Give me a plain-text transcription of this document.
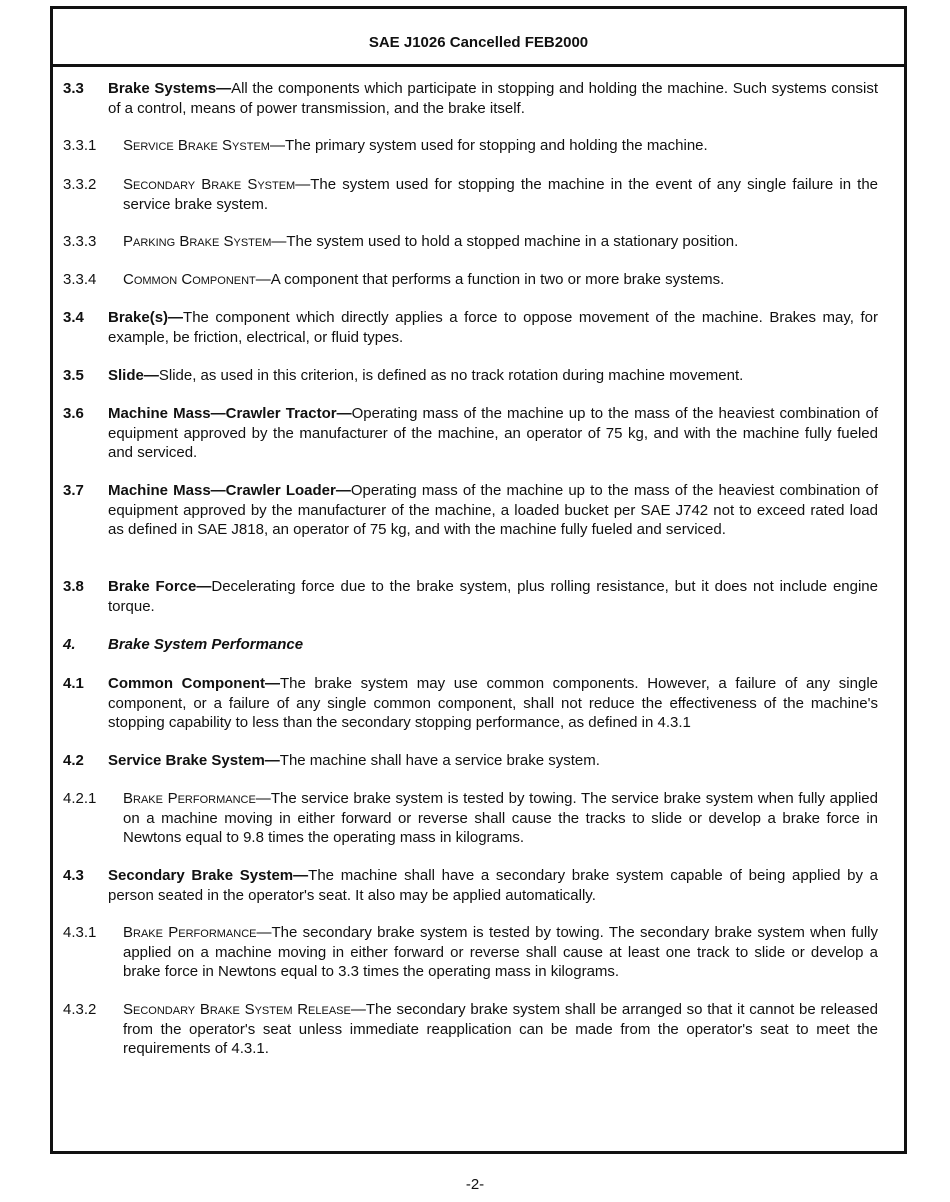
SAE J1026 Cancelled FEB2000
3.3 Brake Systems—All the components which participate in stopping and holding the machine. Such systems consist of a control, means of power transmission, and the brake itself.
3.3.1 Service Brake System—The primary system used for stopping and holding the machine.
3.3.2 Secondary Brake System—The system used for stopping the machine in the event of any single failure in the service brake system.
3.3.3 Parking Brake System—The system used to hold a stopped machine in a stationary position.
3.3.4 Common Component—A component that performs a function in two or more brake systems.
3.4 Brake(s)—The component which directly applies a force to oppose movement of the machine. Brakes may, for example, be friction, electrical, or fluid types.
3.5 Slide—Slide, as used in this criterion, is defined as no track rotation during machine movement.
3.6 Machine Mass—Crawler Tractor—Operating mass of the machine up to the mass of the heaviest combination of equipment approved by the manufacturer of the machine, an operator of 75 kg, and with the machine fully fueled and serviced.
3.7 Machine Mass—Crawler Loader—Operating mass of the machine up to the mass of the heaviest combination of equipment approved by the manufacturer of the machine, a loaded bucket per SAE J742 not to exceed rated load as defined in SAE J818, an operator of 75 kg, and with the machine fully fueled and serviced.
3.8 Brake Force—Decelerating force due to the brake system, plus rolling resistance, but it does not include engine torque.
4. Brake System Performance
4.1 Common Component—The brake system may use common components. However, a failure of any single component, or a failure of any single common component, shall not reduce the effectiveness of the machine's stopping capability to less than the secondary stopping performance, as defined in 4.3.1
4.2 Service Brake System—The machine shall have a service brake system.
4.2.1 Brake Performance—The service brake system is tested by towing. The service brake system when fully applied on a machine moving in either forward or reverse shall cause the tracks to slide or develop a brake force in Newtons equal to 9.8 times the operating mass in kilograms.
4.3 Secondary Brake System—The machine shall have a secondary brake system capable of being applied by a person seated in the operator's seat. It also may be applied automatically.
4.3.1 Brake Performance—The secondary brake system is tested by towing. The secondary brake system when fully applied on a machine moving in either forward or reverse shall cause at least one track to slide or develop a brake force in Newtons equal to 3.3 times the operating mass in kilograms.
4.3.2 Secondary Brake System Release—The secondary brake system shall be arranged so that it cannot be released from the operator's seat unless immediate reapplication can be made from the operator's seat to meet the requirements of 4.3.1.
-2-
